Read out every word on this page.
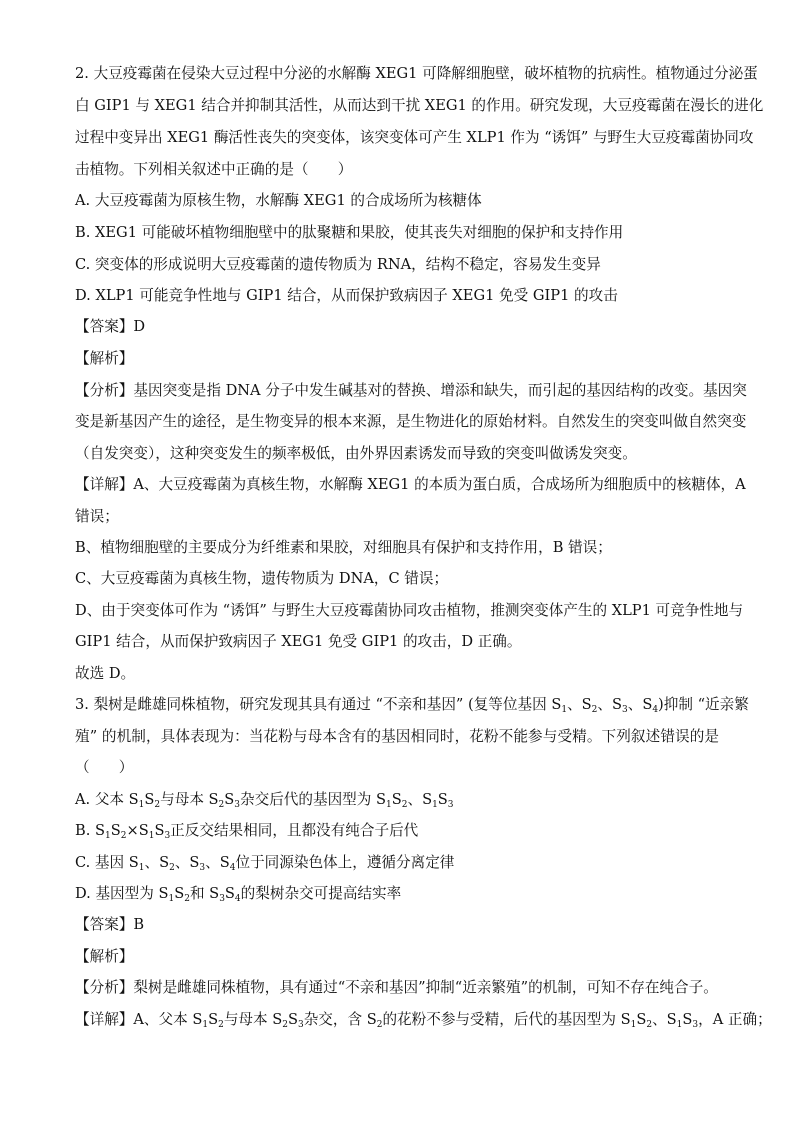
2. 大豆疫霉菌在侵染大豆过程中分泌的水解酶 XEG1 可降解细胞壁，破坏植物的抗病性。植物通过分泌蛋
白 GIP1 与 XEG1 结合并抑制其活性，从而达到干扰 XEG1 的作用。研究发现，大豆疫霉菌在漫长的进化
过程中变异出 XEG1 酶活性丧失的突变体，该突变体可产生 XLP1 作为 “诱饵” 与野生大豆疫霉菌协同攻
击植物。下列相关叙述中正确的是（　　）
A. 大豆疫霉菌为原核生物，水解酶 XEG1 的合成场所为核糖体
B. XEG1 可能破坏植物细胞壁中的肽聚糖和果胶，使其丧失对细胞的保护和支持作用
C. 突变体的形成说明大豆疫霉菌的遗传物质为 RNA，结构不稳定，容易发生变异
D. XLP1 可能竞争性地与 GIP1 结合，从而保护致病因子 XEG1 免受 GIP1 的攻击
【答案】D
【解析】
【分析】基因突变是指 DNA 分子中发生碱基对的替换、增添和缺失，而引起的基因结构的改变。基因突
变是新基因产生的途径，是生物变异的根本来源，是生物进化的原始材料。自然发生的突变叫做自然突变
（自发突变），这种突变发生的频率极低，由外界因素诱发而导致的突变叫做诱发突变。
【详解】A、大豆疫霉菌为真核生物，水解酶 XEG1 的本质为蛋白质，合成场所为细胞质中的核糖体，A
错误；
B、植物细胞壁的主要成分为纤维素和果胶，对细胞具有保护和支持作用，B 错误；
C、大豆疫霉菌为真核生物，遗传物质为 DNA，C 错误；
D、由于突变体可作为 “诱饵” 与野生大豆疫霉菌协同攻击植物，推测突变体产生的 XLP1 可竞争性地与
GIP1 结合，从而保护致病因子 XEG1 免受 GIP1 的攻击，D 正确。
故选 D。
3. 梨树是雌雄同株植物，研究发现其具有通过 “不亲和基因” (复等位基因 $S_1$、$S_2$、$S_3$、$S_4$)抑制 “近亲繁
殖” 的机制，具体表现为：当花粉与母本含有的基因相同时，花粉不能参与受精。下列叙述错误的是
（　　）
A. 父本 $S_1S_2$与母本 $S_2S_3$杂交后代的基因型为 $S_1S_2$、$S_1S_3$
B. $S_1S_2\times S_1S_3$正反交结果相同，且都没有纯合子后代
C. 基因 $S_1$、$S_2$、$S_3$、$S_4$位于同源染色体上，遵循分离定律
D. 基因型为 $S_1S_2$和 $S_3S_4$的梨树杂交可提高结实率
【答案】B
【解析】
【分析】梨树是雌雄同株植物，具有通过“不亲和基因”抑制“近亲繁殖”的机制，可知不存在纯合子。
【详解】A、父本 $S_1S_2$与母本 $S_2S_3$杂交，含 $S_2$的花粉不参与受精，后代的基因型为 $S_1S_2$、$S_1S_3$，A 正确；
